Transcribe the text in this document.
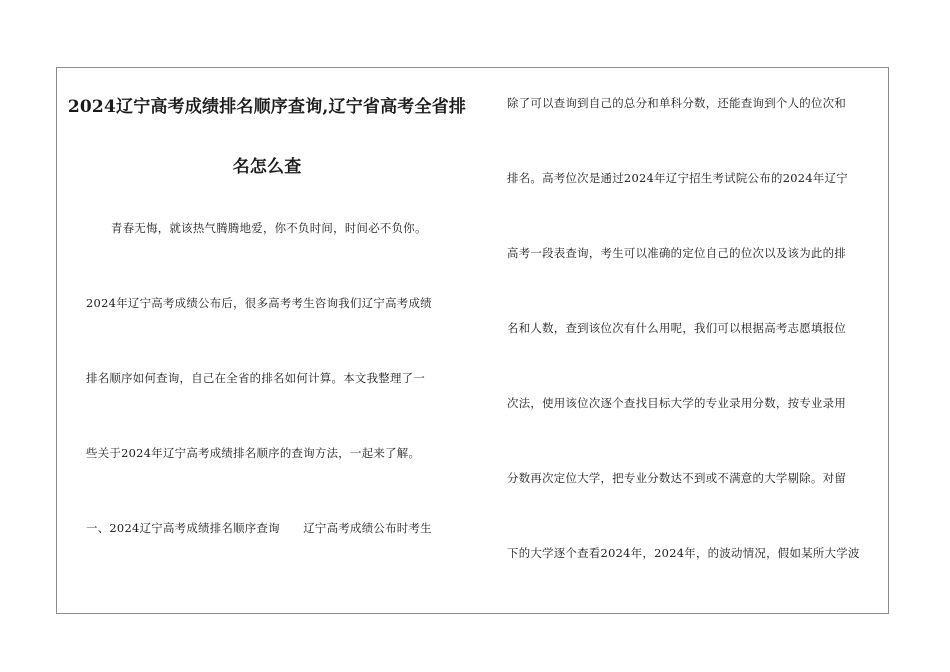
2024辽宁高考成绩排名顺序查询,辽宁省高考全省排
名怎么查
青春无悔，就该热气腾腾地爱，你不负时间，时间必不负你。
2024年辽宁高考成绩公布后，很多高考考生咨询我们辽宁高考成绩
排名顺序如何查询，自己在全省的排名如何计算。本文我整理了一
些关于2024年辽宁高考成绩排名顺序的查询方法，一起来了解。
一、2024辽宁高考成绩排名顺序查询　　辽宁高考成绩公布时考生
除了可以查询到自己的总分和单科分数，还能查询到个人的位次和
排名。高考位次是通过2024年辽宁招生考试院公布的2024年辽宁
高考一段表查询，考生可以准确的定位自己的位次以及该为此的排
名和人数，查到该位次有什么用呢，我们可以根据高考志愿填报位
次法，使用该位次逐个查找目标大学的专业录用分数，按专业录用
分数再次定位大学，把专业分数达不到或不满意的大学剔除。对留
下的大学逐个查看2024年，2024年，的波动情况，假如某所大学波
